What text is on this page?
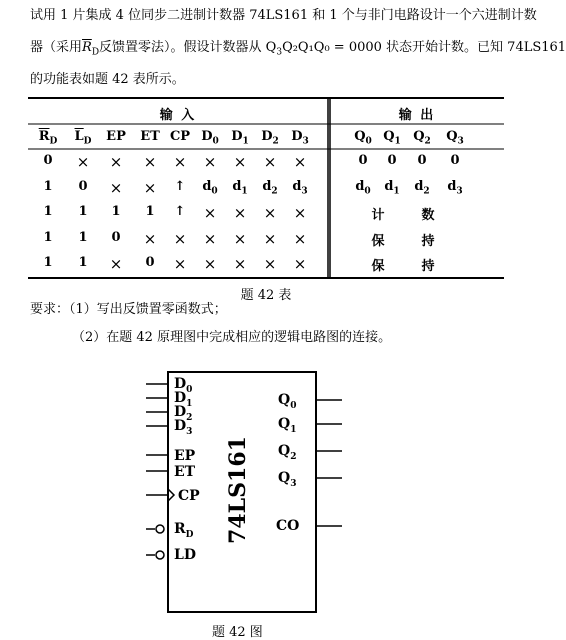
试用 1 片集成 4 位同步二进制计数器 74LS161 和 1 个与非门电路设计一个六进制计数
器（采用$\overline{R}_D$反馈置零法）。假设计数器从 $Q_3Q_2Q_1Q_0 = 0000$ 状态开始计数。已知 74LS161
的功能表如题 42 表所示。
输 入	输 出
题 42 表
$\overline{R}_D$ $\overline{L}_D$ EP ET CP $D_0$ $D_1$ $D_2$ $D_3$	$Q_0$ $Q_1$ $Q_2$ $Q_3$
0 × × × × × × × ×	0 0 0 0
1 0 × × ↑ $d_0$ $d_1$ $d_2$ $d_3$	$d_0$ $d_1$ $d_2$ $d_3$
1 1 1 1 ↑ × × × ×	计	数
1 1 0 × × × × × ×	保	持
1 1 × 0 × × × × ×	保	持
要求：（1）写出反馈置零函数式；
（2）在题 42 原理图中完成相应的逻辑电路图的连接。
$D_0$
$D_1$
$D_2$
$D_3$
EP
ET
CP
$R_D$
LD
$Q_0$
$Q_1$
$Q_2$
$Q_3$
CO
74LS161
题 42 图
